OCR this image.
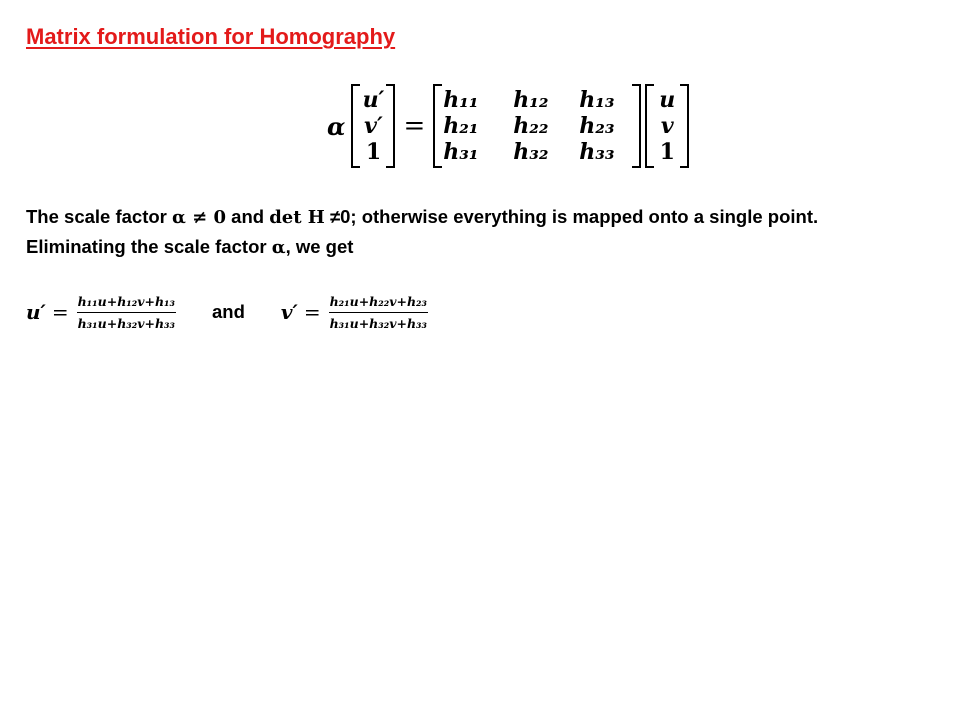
Matrix formulation for Homography
α
u′
v′
1
=
h₁₁	h₁₂	h₁₃
h₂₁	h₂₂	h₂₃
h₃₁	h₃₂	h₃₃
u
v
1
The scale factor α ≠ 0 and det H ≠0; otherwise everything is mapped onto a single point.
Eliminating the scale factor α, we get
$u' = \frac{\text{h₁₁u+h₁₂v+h₁₃}}{\text{h₃₁u+h₃₂v+h₃₃}}$ and $v' = \frac{\text{h₂₁u+h₂₂v+h₂₃}}{\text{h₃₁u+h₃₂v+h₃₃}}$
